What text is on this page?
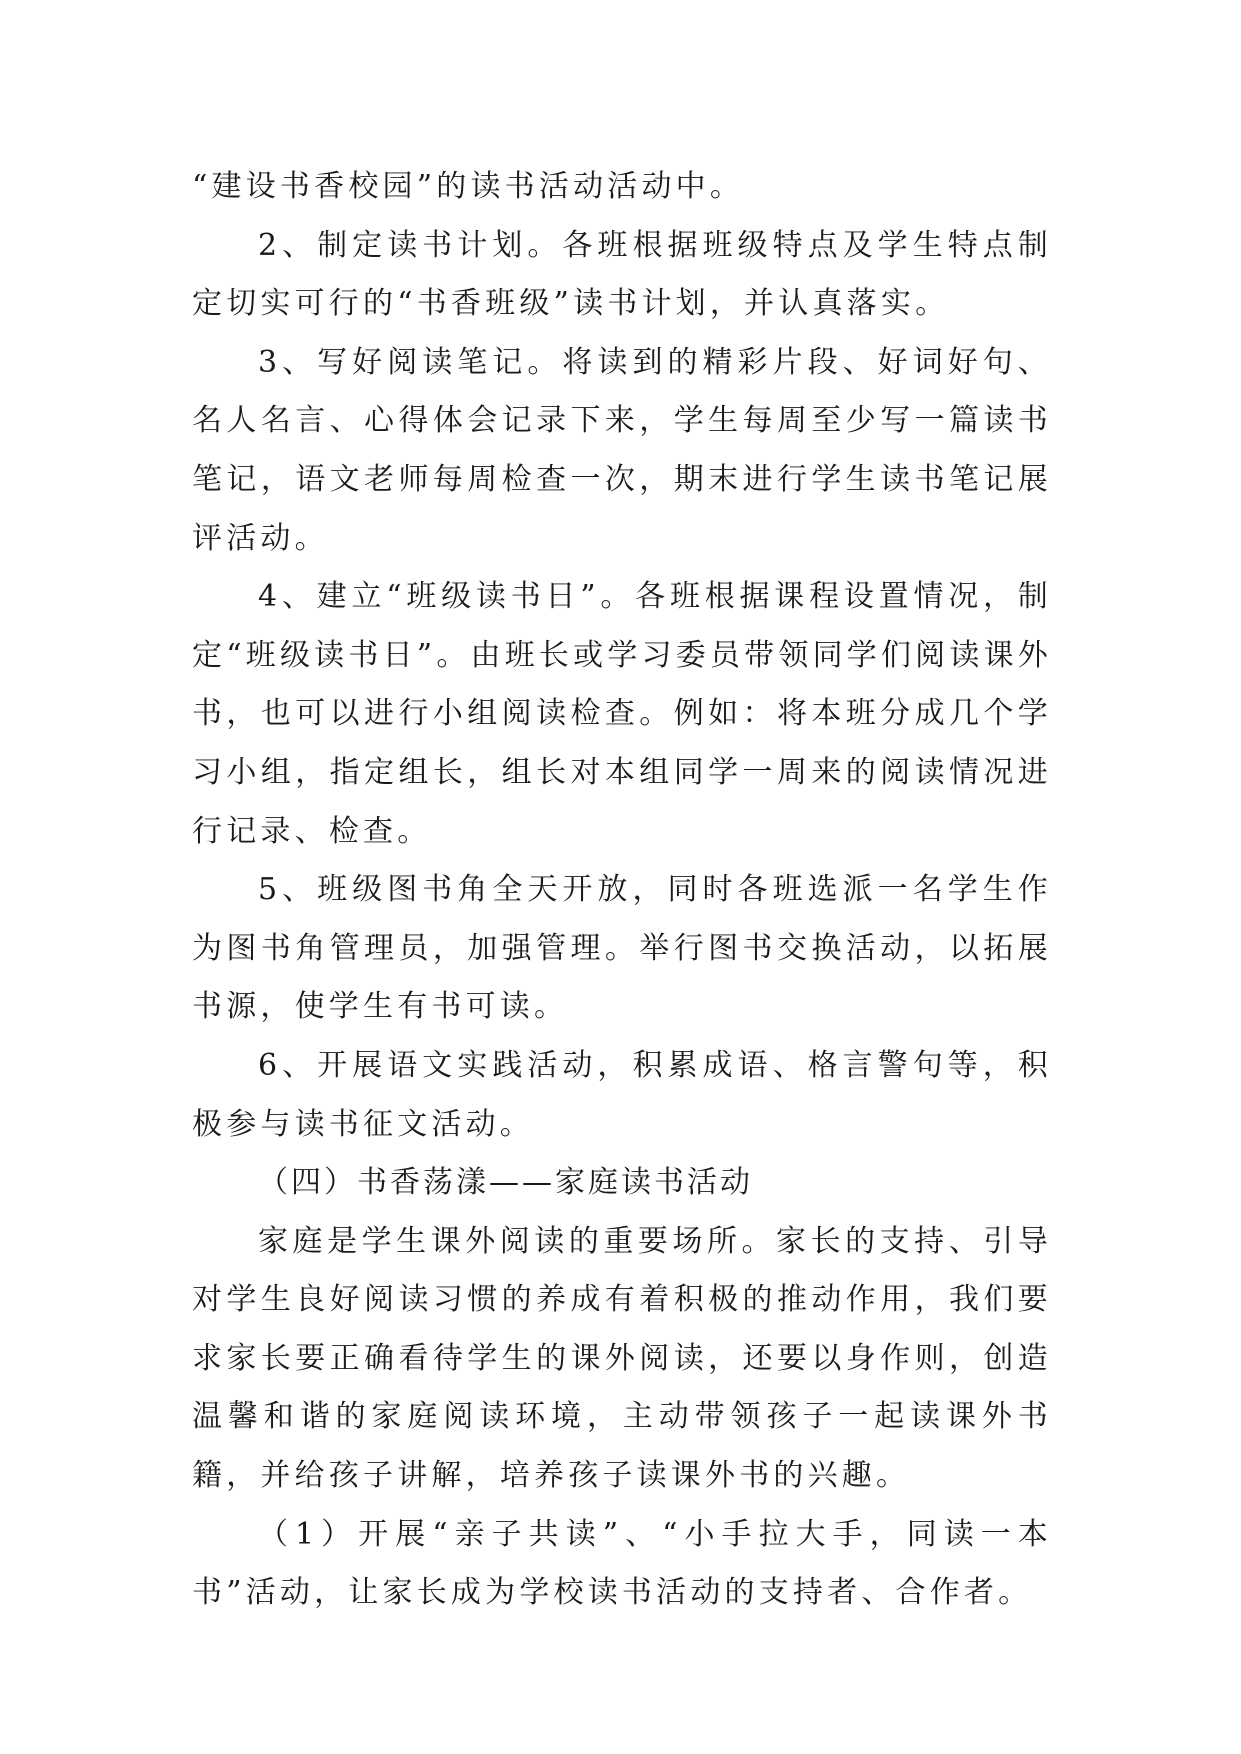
“建设书香校园”的读书活动活动中。

2、制定读书计划。各班根据班级特点及学生特点制定切实可行的“书香班级”读书计划，并认真落实。

3、写好阅读笔记。将读到的精彩片段、好词好句、名人名言、心得体会记录下来，学生每周至少写一篇读书笔记，语文老师每周检查一次，期末进行学生读书笔记展评活动。

4、建立“班级读书日”。各班根据课程设置情况，制定“班级读书日”。由班长或学习委员带领同学们阅读课外书，也可以进行小组阅读检查。例如：将本班分成几个学习小组，指定组长，组长对本组同学一周来的阅读情况进行记录、检查。

5、班级图书角全天开放，同时各班选派一名学生作为图书角管理员，加强管理。举行图书交换活动，以拓展书源，使学生有书可读。

6、开展语文实践活动，积累成语、格言警句等，积极参与读书征文活动。

（四）书香荡漾——家庭读书活动

家庭是学生课外阅读的重要场所。家长的支持、引导对学生良好阅读习惯的养成有着积极的推动作用，我们要求家长要正确看待学生的课外阅读，还要以身作则，创造温馨和谐的家庭阅读环境，主动带领孩子一起读课外书籍，并给孩子讲解，培养孩子读课外书的兴趣。

（1）开展“亲子共读”、“小手拉大手，同读一本书”活动，让家长成为学校读书活动的支持者、合作者。
